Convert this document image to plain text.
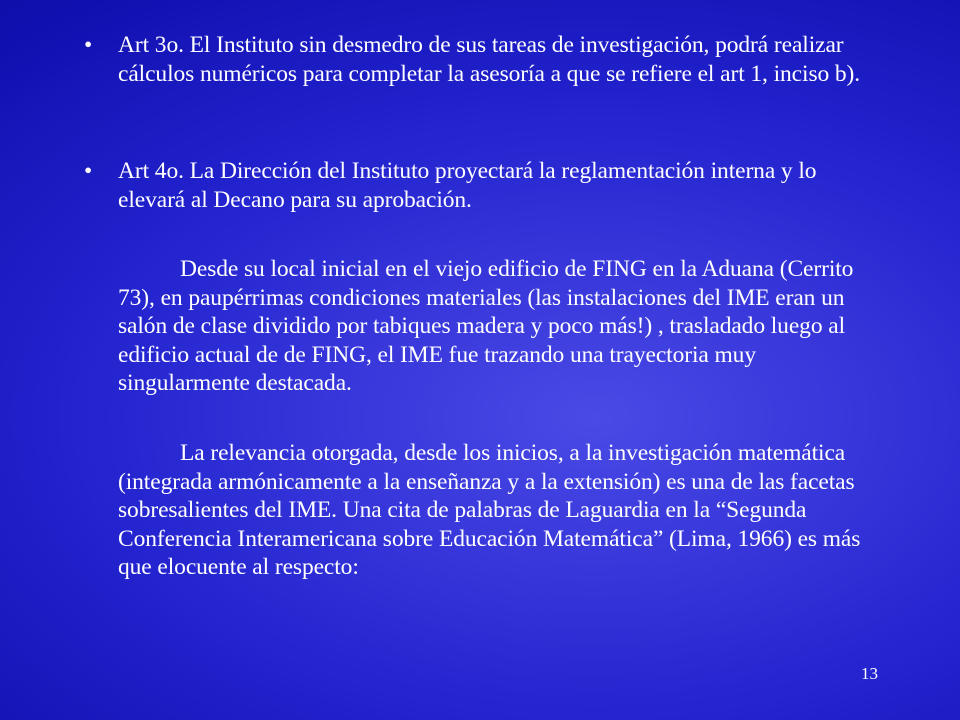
• Art 3o. El Instituto sin desmedro de sus tareas de investigación, podrá realizar cálculos numéricos para completar la asesoría a que se refiere el art 1, inciso b).
• Art 4o. La Dirección del Instituto proyectará la reglamentación interna y lo elevará al Decano para su aprobación.
Desde su local inicial en el viejo edificio de FING en la Aduana (Cerrito 73), en paupérrimas condiciones materiales (las instalaciones del IME eran un salón de clase dividido por tabiques madera y poco más!) , trasladado luego al edificio actual de de FING, el IME fue trazando una trayectoria muy singularmente destacada.
La relevancia otorgada, desde los inicios, a la investigación matemática (integrada armónicamente a la enseñanza y a la extensión) es una de las facetas sobresalientes del IME. Una cita de palabras de Laguardia en la “Segunda Conferencia Interamericana sobre Educación Matemática” (Lima, 1966) es más que elocuente al respecto:
13
